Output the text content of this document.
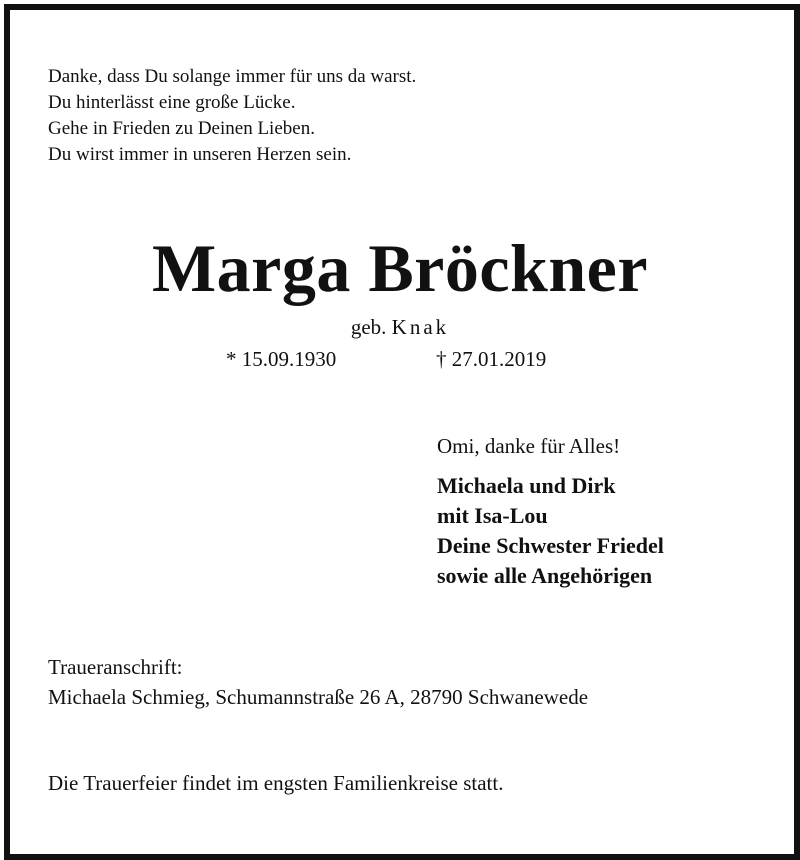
Danke, dass Du solange immer für uns da warst.
Du hinterlässt eine große Lücke.
Gehe in Frieden zu Deinen Lieben.
Du wirst immer in unseren Herzen sein.
Marga Bröckner
geb. Knak
* 15.09.1930	† 27.01.2019
Omi, danke für Alles!
Michaela und Dirk
mit Isa-Lou
Deine Schwester Friedel
sowie alle Angehörigen
Traueranschrift:
Michaela Schmieg, Schumannstraße 26 A, 28790 Schwanewede
Die Trauerfeier findet im engsten Familienkreise statt.
